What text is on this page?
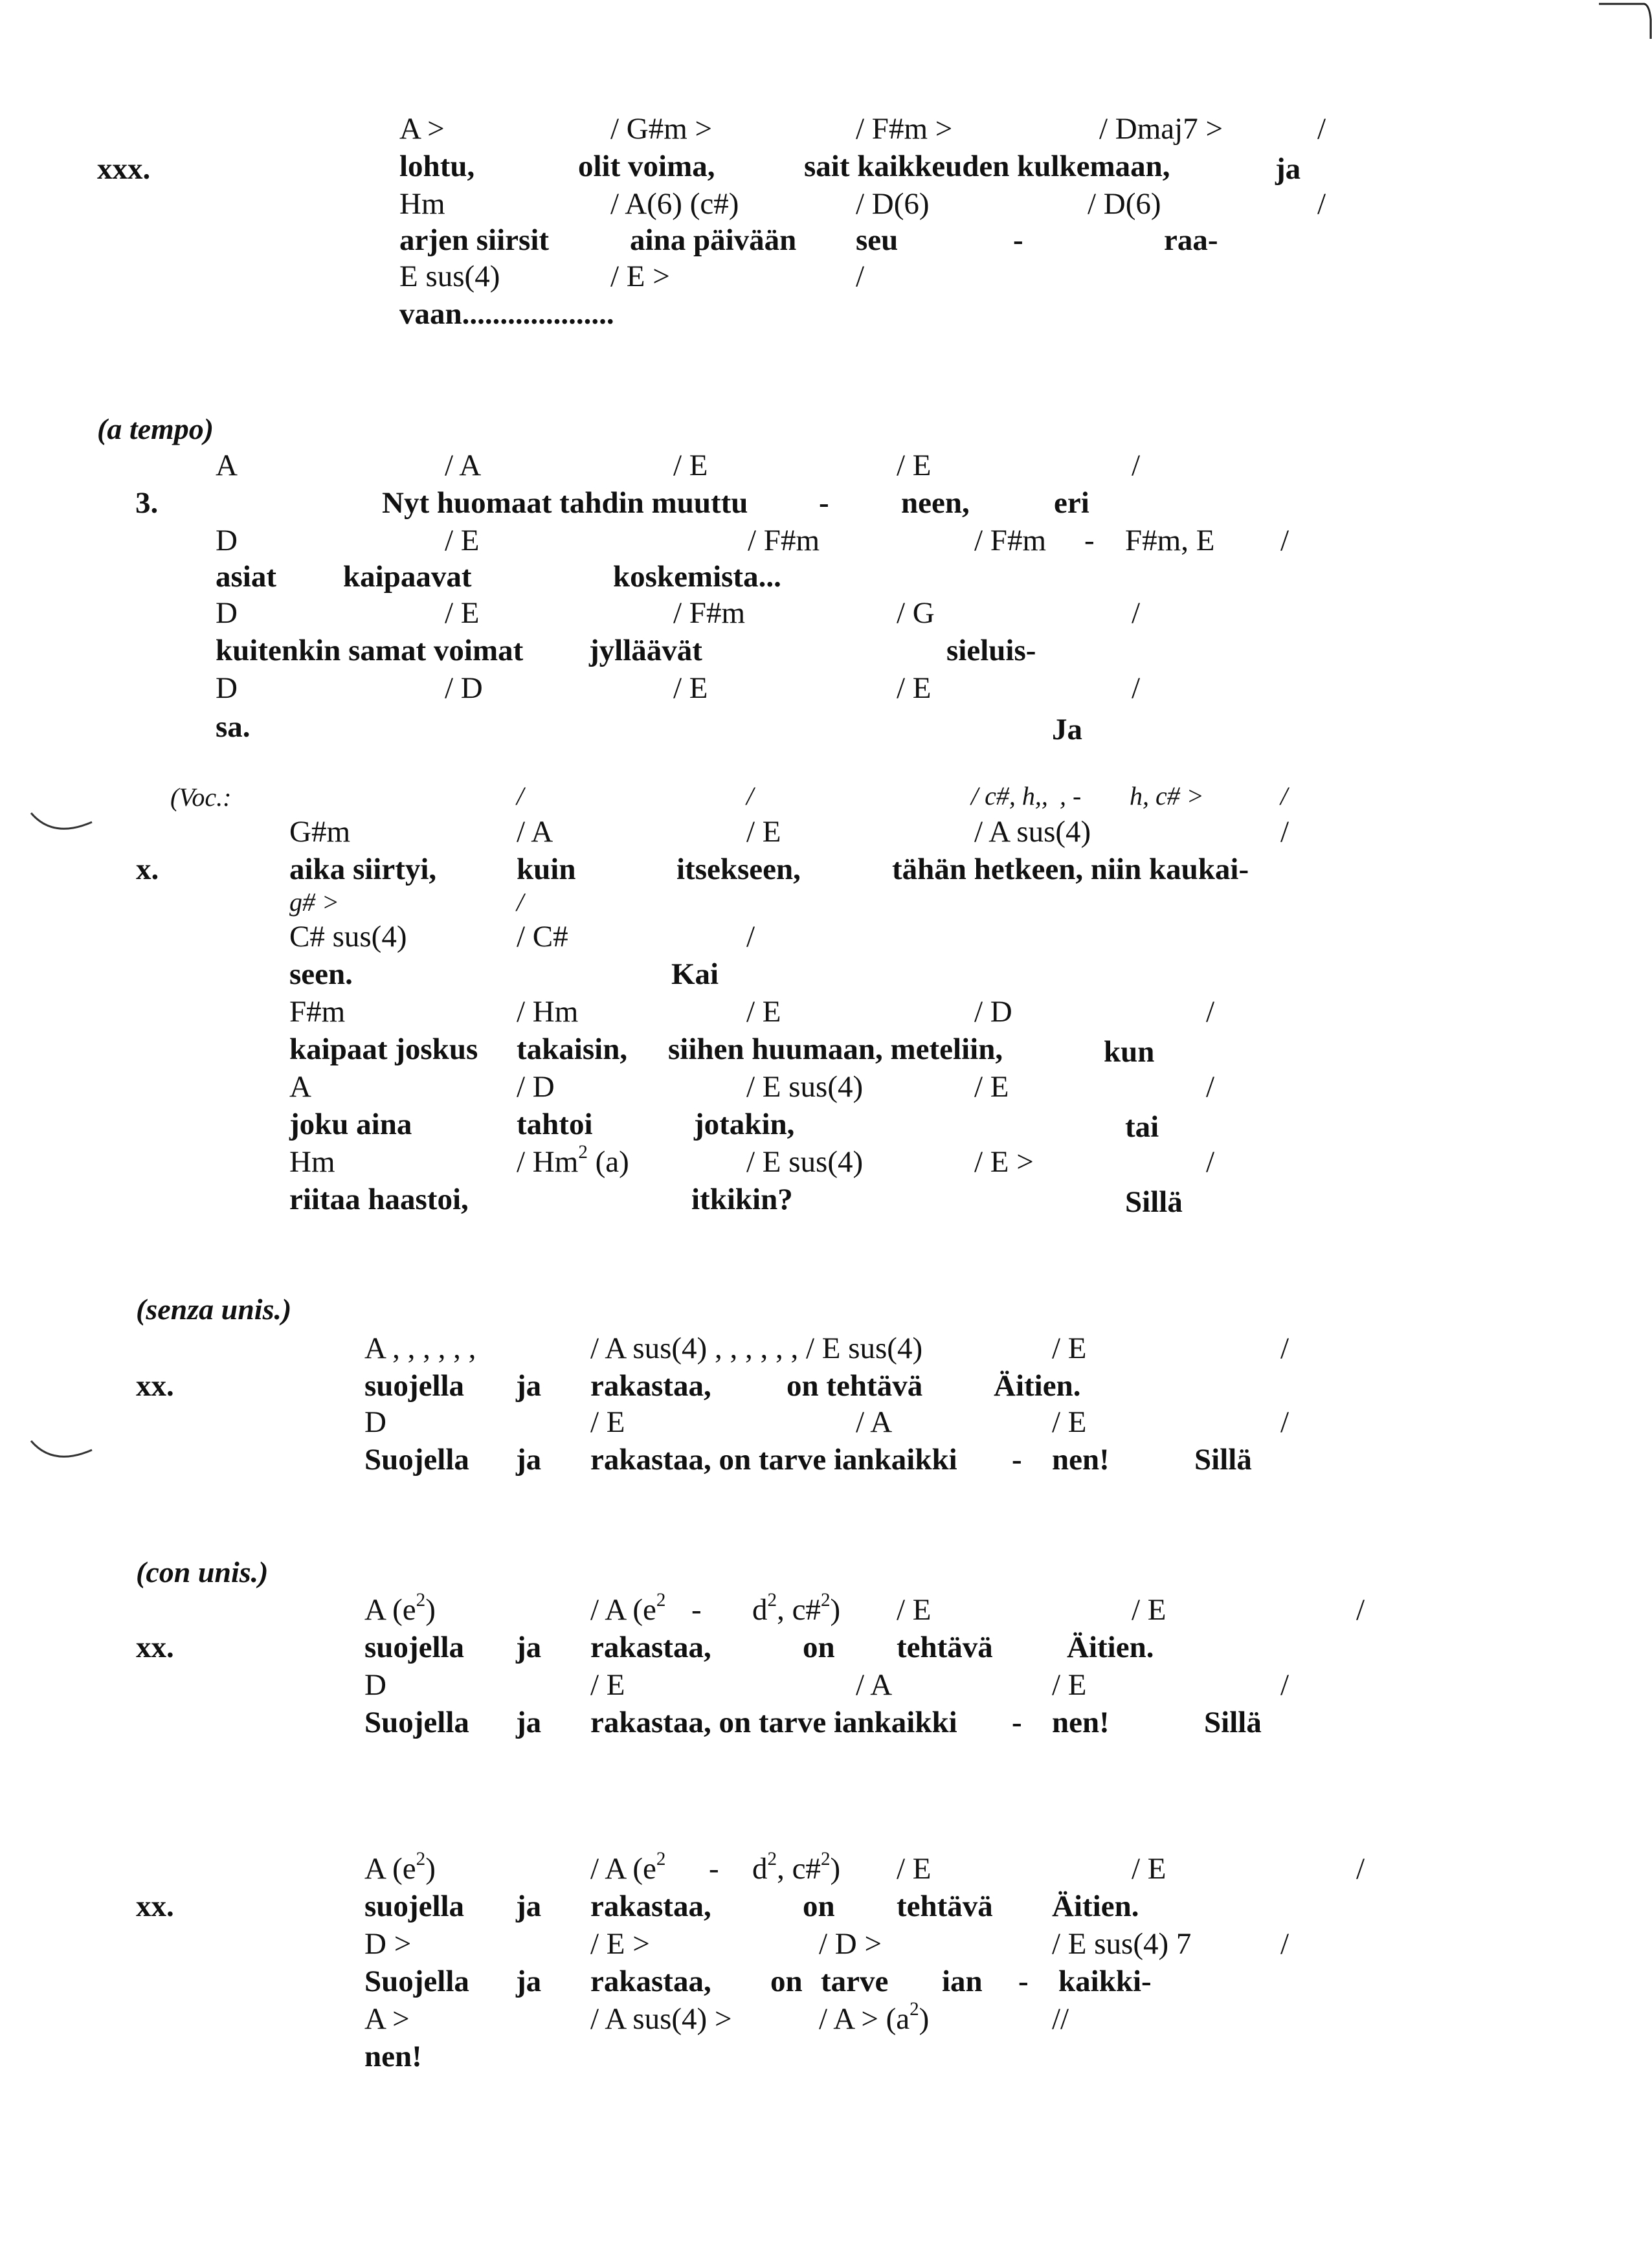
xxx.
A >	/ G#m >	/ F#m >	/ Dmaj7 >	/
lohtu,	olit voima,	sait kaikkeuden kulkemaan,	ja
Hm	/ A(6) (c#)	/ D(6)	/ D(6)	/
arjen siirsit	aina päivään seu	-	raa-
E sus(4)	/ E >	/
vaan....................
(a tempo)
A	/ A	/ E	/ E	/
3.	Nyt huomaat tahdin muuttu - neen,	eri
D	/ E	/ F#m	/ F#m - F#m, E /
asiat kaipaavat	koskemista...
D	/ E	/ F#m	/ G	/
kuitenkin samat voimat jylläävät	sieluis-
D	/ D	/ E	/ E	/
sa.	Ja
(Voc.:	/	/	/ c#, h,, , - h, c# >	/
G#m	/ A	/ E	/ A sus(4)	/
x.	aika siirtyi,	kuin	itsekseen,	tähän hetkeen, niin kaukai-
g# >	/
C# sus(4)	/ C#	/
seen.	Kai
F#m	/ Hm	/ E	/ D	/
kaipaat joskus takaisin, siihen huumaan, meteliin,	kun
A	/ D	/ E sus(4)	/ E	/
joku aina	tahtoi	jotakin,	tai
Hm	/ Hm$^2$ (a)	/ E sus(4)	/ E >	/
riitaa haastoi,	itkikin?	Sillä
(senza unis.)
A , , , , , ,	/ A sus(4) , , , , , , / E sus(4)	/ E	/
xx.	suojella ja rakastaa, on tehtävä Äitien.
D	/ E	/ A	/ E	/
Suojella ja rakastaa, on tarve iankaikki - nen!	Sillä
(con unis.)
A $(e^2)$	/ A ($e^2 - d^2$, c#$^2$) / E	/ E	/
xx.	suojella ja rakastaa,	on tehtävä Äitien.
D	/ E	/ A	/ E	/
Suojella ja rakastaa, on tarve iankaikki - nen!	Sillä
A $(e^2)$	/ A ($e^2 - d^2$, c#$^2$) / E	/ E	/
xx.	suojella ja rakastaa,	on tehtävä Äitien.
D >	/ E >	/ D >	/ E sus(4) 7	/
Suojella ja rakastaa, on tarve ian - kaikki-
A >	/ A sus(4) >	/ $A > (a^2)$	//
nen!
